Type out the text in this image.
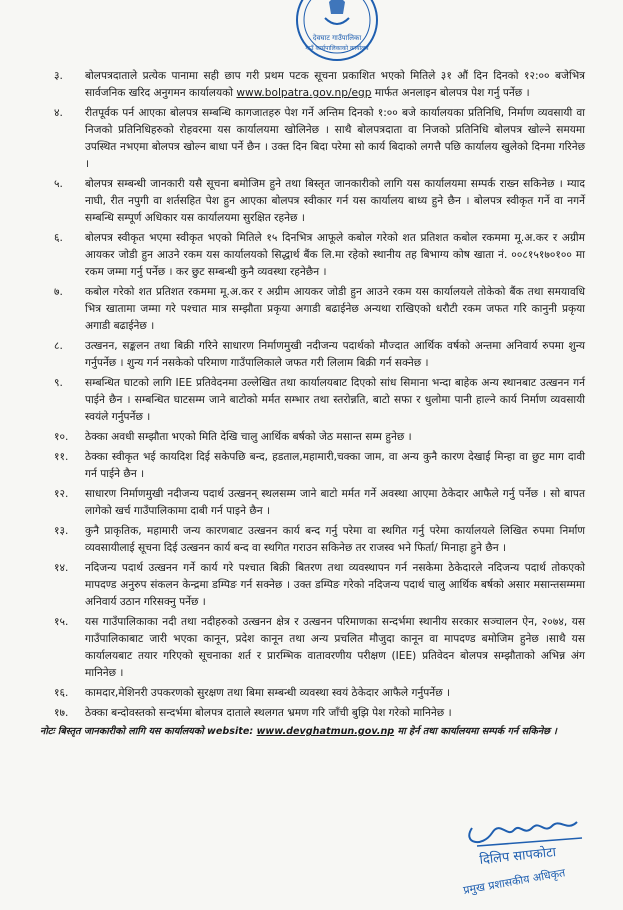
देवघाट गाउँपालिका
गाउँ कार्यपालिकाको कार्यालय
३.	बोलपत्रदाताले प्रत्येक पानामा सही छाप गरी प्रथम पटक सूचना प्रकाशित भएको मितिले ३१ औं दिन दिनको १२:०० बजेभित्र सार्वजनिक खरिद अनुगमन कार्यालयको www.bolpatra.gov.np/egp मार्फत अनलाइन बोलपत्र पेश गर्नु पर्नेछ ।
४.	रीतपूर्वक पर्न आएका बोलपत्र सम्बन्धि कागजातहरु पेश गर्ने अन्तिम दिनको १:०० बजे कार्यालयका प्रतिनिधि, निर्माण व्यवसायी वा निजको प्रतिनिधिहरुको रोहवरमा यस कार्यालयमा खोलिनेछ । साथै बोलपत्रदाता वा निजको प्रतिनिधि बोलपत्र खोल्ने समयमा उपस्थित नभएमा बोलपत्र खोल्न बाधा पर्ने छैन । उक्त दिन बिदा परेमा सो कार्य बिदाको लगत्तै पछि कार्यालय खुलेको दिनमा गरिनेछ ।
५.	बोलपत्र सम्बन्धी जानकारी यसै सूचना बमोजिम हुने तथा बिस्तृत जानकारीको लागि यस कार्यालयमा सम्पर्क राख्न सकिनेछ । म्याद नाघी, रीत नपुगी वा शर्तसहित पेश हुन आएका बोलपत्र स्वीकार गर्न यस कार्यालय बाध्य हुने छैन । बोलपत्र स्वीकृत गर्ने वा नगर्ने सम्बन्धि सम्पूर्ण अधिकार यस कार्यालयमा सुरक्षित रहनेछ ।
६.	बोलपत्र स्वीकृत भएमा स्वीकृत भएको मितिले १५ दिनभित्र आफूले कबोल गरेको शत प्रतिशत कबोल रकममा मू.अ.कर र अग्रीम आयकर जोडी हुन आउने रकम यस कार्यालयको सिद्धार्थ बैंक लि.मा रहेको स्थानीय तह बिभाग्य कोष खाता नं. ००८१५१७०१०० मा रकम जम्मा गर्नु पर्नेछ । कर छुट सम्बन्धी कुनै व्यवस्था रहनेछैन ।
७.	कबोल गरेको शत प्रतिशत रकममा मू.अ.कर र अग्रीम आयकर जोडी हुन आउने रकम यस कार्यालयले तोकेको बैंक तथा समयावधि भित्र खातामा जम्मा गरे पश्चात मात्र सम्झौता प्रकृया अगाडी बढाईनेछ अन्यथा राखिएको धरौटी रकम जफत गरि कानुनी प्रकृया अगाडी बढाईनेछ ।
८.	उत्खनन, सङ्कलन तथा बिक्री गरिने साधारण निर्माणमुखी नदीजन्य पदार्थको मौज्दात आर्थिक वर्षको अन्तमा अनिवार्य रुपमा शुन्य गर्नुपर्नेछ । शुन्य गर्न नसकेको परिमाण गाउँपालिकाले जफत गरी लिलाम बिक्री गर्न सक्नेछ ।
९.	सम्बन्धित घाटको लागि IEE प्रतिवेदनमा उल्लेखित तथा कार्यालयबाट दिएको सांध सिमाना भन्दा बाहेक अन्य स्थानबाट उत्खनन गर्न पाईने छैन । सम्बन्धित घाटसम्म जाने बाटोको मर्मत सम्भार तथा स्तरोन्नति, बाटो सफा र धुलोमा पानी हाल्ने कार्य निर्माण व्यवसायी स्वयंले गर्नुपर्नेछ ।
१०.	ठेक्का अवधी सम्झौता भएको मिति देखि चालु आर्थिक बर्षको जेठ मसान्त सम्म हुनेछ ।
११.	ठेक्का स्वीकृत भई कायदिश दिई सकेपछि बन्द, हडताल,महामारी,चक्का जाम, वा अन्य कुनै कारण देखाई मिन्हा वा छुट माग दावी गर्न पाईने छैन ।
१२.	साधारण निर्माणमुखी नदीजन्य पदार्थ उत्खनन् स्थलसम्म जाने बाटो मर्मत गर्ने अवस्था आएमा ठेकेदार आफैले गर्नु पर्नेछ । सो बापत लागेको खर्च गाउँपालिकामा दाबी गर्न पाइने छैन ।
१३.	कुनै प्राकृतिक, महामारी जन्य कारणबाट उत्खनन कार्य बन्द गर्नु परेमा वा स्थगित गर्नु परेमा कार्यालयले लिखित रुपमा निर्माण व्यवसायीलाई सूचना दिई उत्खनन कार्य बन्द वा स्थगित गराउन सकिनेछ तर राजस्व भने फिर्ता/ मिनाहा हुने छैन ।
१४.	नदिजन्य पदार्थ उत्खनन गर्ने कार्य गरे पश्चात बिक्री बितरण तथा व्यवस्थापन गर्न नसकेमा ठेकेदारले नदिजन्य पदार्थ तोकएको मापदण्ड अनुरुप संकलन केन्द्रमा डम्पिङ गर्न सक्नेछ । उक्त डम्पिङ गरेको नदिजन्य पदार्थ चालु आर्थिक बर्षको असार मसान्तसम्ममा अनिवार्य उठान गरिसक्नु पर्नेछ ।
१५.	यस गाउँपालिकाका नदी तथा नदीहरुको उत्खनन क्षेत्र र उत्खनन परिमाणका सन्दर्भमा स्थानीय सरकार सञ्चालन ऐन, २०७४, यस गाउँपालिकाबाट जारी भएका कानून, प्रदेश कानून तथा अन्य प्रचलित मौजुदा कानून वा मापदण्ड बमोजिम हुनेछ ।साथै यस कार्यालयबाट तयार गरिएको सूचनाका शर्त र प्रारम्भिक वातावरणीय परीक्षण (IEE) प्रतिवेदन बोलपत्र सम्झौताको अभिन्न अंग मानिनेछ ।
१६.	कामदार,मेशिनरी उपकरणको सुरक्षण तथा बिमा सम्बन्धी व्यवस्था स्वयं ठेकेदार आफैले गर्नुपर्नेछ ।
१७.	ठेक्का बन्दोवस्तको सन्दर्भमा बोलपत्र दाताले स्थलगत भ्रमण गरि जाँची बुझि पेश गरेको मानिनेछ ।
नोटः बिस्तृत जानकारीको लागि यस कार्यालयको website: www.devghatmun.gov.np मा हेर्न तथा कार्यालयमा सम्पर्क गर्न सकिनेछ ।
दिलिप सापकोटा
प्रमुख प्रशासकीय अधिकृत
